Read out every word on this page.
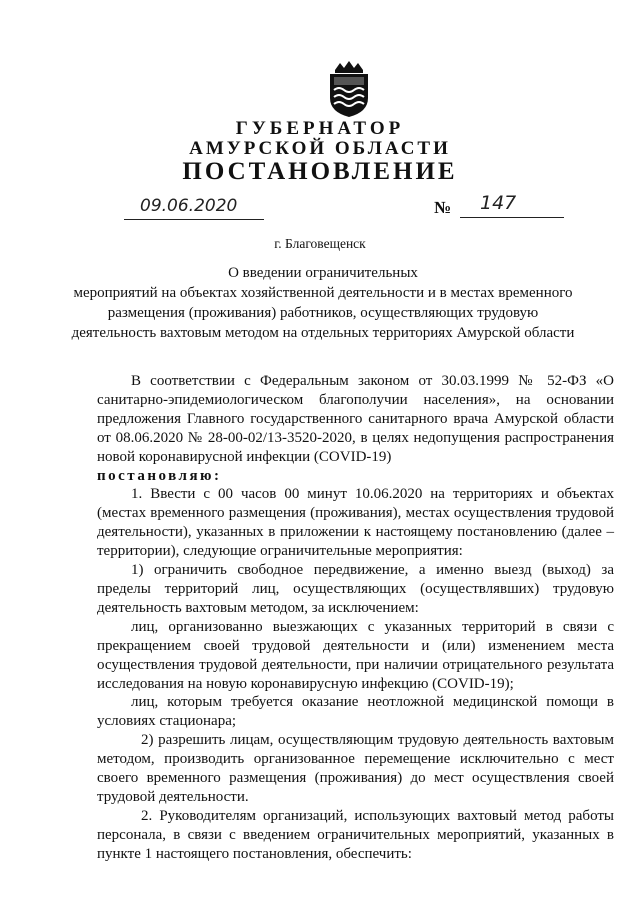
ГУБЕРНАТОР
АМУРСКОЙ ОБЛАСТИ
ПОСТАНОВЛЕНИЕ
09.06.2020	№	147
г. Благовещенск
О введении ограничительных
мероприятий на объектах хозяйственной деятельности и в местах временного
размещения (проживания) работников, осуществляющих трудовую
деятельность вахтовым методом на отдельных территориях Амурской области

В соответствии с Федеральным законом от 30.03.1999 № 52-ФЗ «О санитарно-эпидемиологическом благополучии населения», на основании предложения Главного государственного санитарного врача Амурской области от 08.06.2020 № 28-00-02/13-3520-2020, в целях недопущения распространения новой коронавирусной инфекции (COVID-19)

постановляю:

1. Ввести с 00 часов 00 минут 10.06.2020 на территориях и объектах (местах временного размещения (проживания), местах осуществления трудовой деятельности), указанных в приложении к настоящему постановлению (далее – территории), следующие ограничительные мероприятия:

1) ограничить свободное передвижение, а именно выезд (выход) за пределы территорий лиц, осуществляющих (осуществлявших) трудовую деятельность вахтовым методом, за исключением:

лиц, организованно выезжающих с указанных территорий в связи с прекращением своей трудовой деятельности и (или) изменением места осуществления трудовой деятельности, при наличии отрицательного результата исследования на новую коронавирусную инфекцию (COVID-19);

лиц, которым требуется оказание неотложной медицинской помощи в условиях стационара;

2) разрешить лицам, осуществляющим трудовую деятельность вахтовым методом, производить организованное перемещение исключительно с мест своего временного размещения (проживания) до мест осуществления своей трудовой деятельности.

2. Руководителям организаций, использующих вахтовый метод работы персонала, в связи с введением ограничительных мероприятий, указанных в пункте 1 настоящего постановления, обеспечить:
